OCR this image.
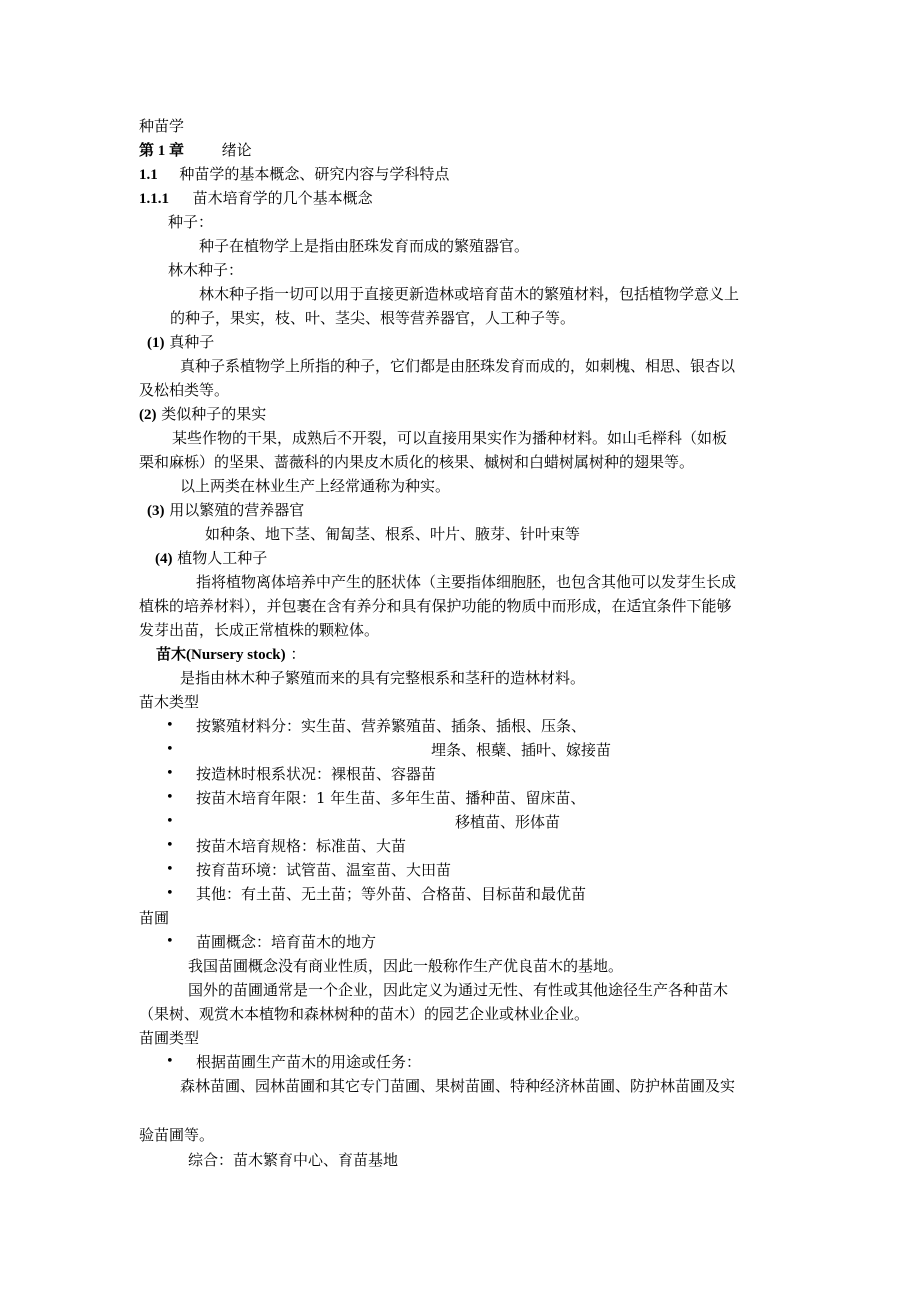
种苗学
第 1 章	绪论
1.1 种苗学的基本概念、研究内容与学科特点
1.1.1 苗木培育学的几个基本概念
种子：
种子在植物学上是指由胚珠发育而成的繁殖器官。
林木种子：
林木种子指一切可以用于直接更新造林或培育苗木的繁殖材料，包括植物学意义上
的种子，果实，枝、叶、茎尖、根等营养器官，人工种子等。
(1) 真种子
真种子系植物学上所指的种子，它们都是由胚珠发育而成的，如刺槐、相思、银杏以
及松柏类等。
(2) 类似种子的果实
某些作物的干果，成熟后不开裂，可以直接用果实作为播种材料。如山毛榉科（如板
栗和麻栎）的坚果、蔷薇科的内果皮木质化的核果、槭树和白蜡树属树种的翅果等。
以上两类在林业生产上经常通称为种实。
(3) 用以繁殖的营养器官
如种条、地下茎、匍匐茎、根系、叶片、腋芽、针叶束等
(4) 植物人工种子
指将植物离体培养中产生的胚状体（主要指体细胞胚，也包含其他可以发芽生长成
植株的培养材料），并包裹在含有养分和具有保护功能的物质中而形成，在适宜条件下能够
发芽出苗，长成正常植株的颗粒体。
苗木(Nursery stock) ：
是指由林木种子繁殖而来的具有完整根系和茎秆的造林材料。
苗木类型
• 按繁殖材料分：实生苗、营养繁殖苗、插条、插根、压条、
•	埋条、根蘖、插叶、嫁接苗
• 按造林时根系状况：裸根苗、容器苗
• 按苗木培育年限：1 年生苗、多年生苗、播种苗、留床苗、
•	移植苗、形体苗
• 按苗木培育规格：标准苗、大苗
• 按育苗环境：试管苗、温室苗、大田苗
• 其他：有土苗、无土苗；等外苗、合格苗、目标苗和最优苗
苗圃
• 苗圃概念：培育苗木的地方
我国苗圃概念没有商业性质，因此一般称作生产优良苗木的基地。
国外的苗圃通常是一个企业，因此定义为通过无性、有性或其他途径生产各种苗木
（果树、观赏木本植物和森林树种的苗木）的园艺企业或林业企业。
苗圃类型
• 根据苗圃生产苗木的用途或任务：
森林苗圃、园林苗圃和其它专门苗圃、果树苗圃、特种经济林苗圃、防护林苗圃及实
验苗圃等。
综合：苗木繁育中心、育苗基地
